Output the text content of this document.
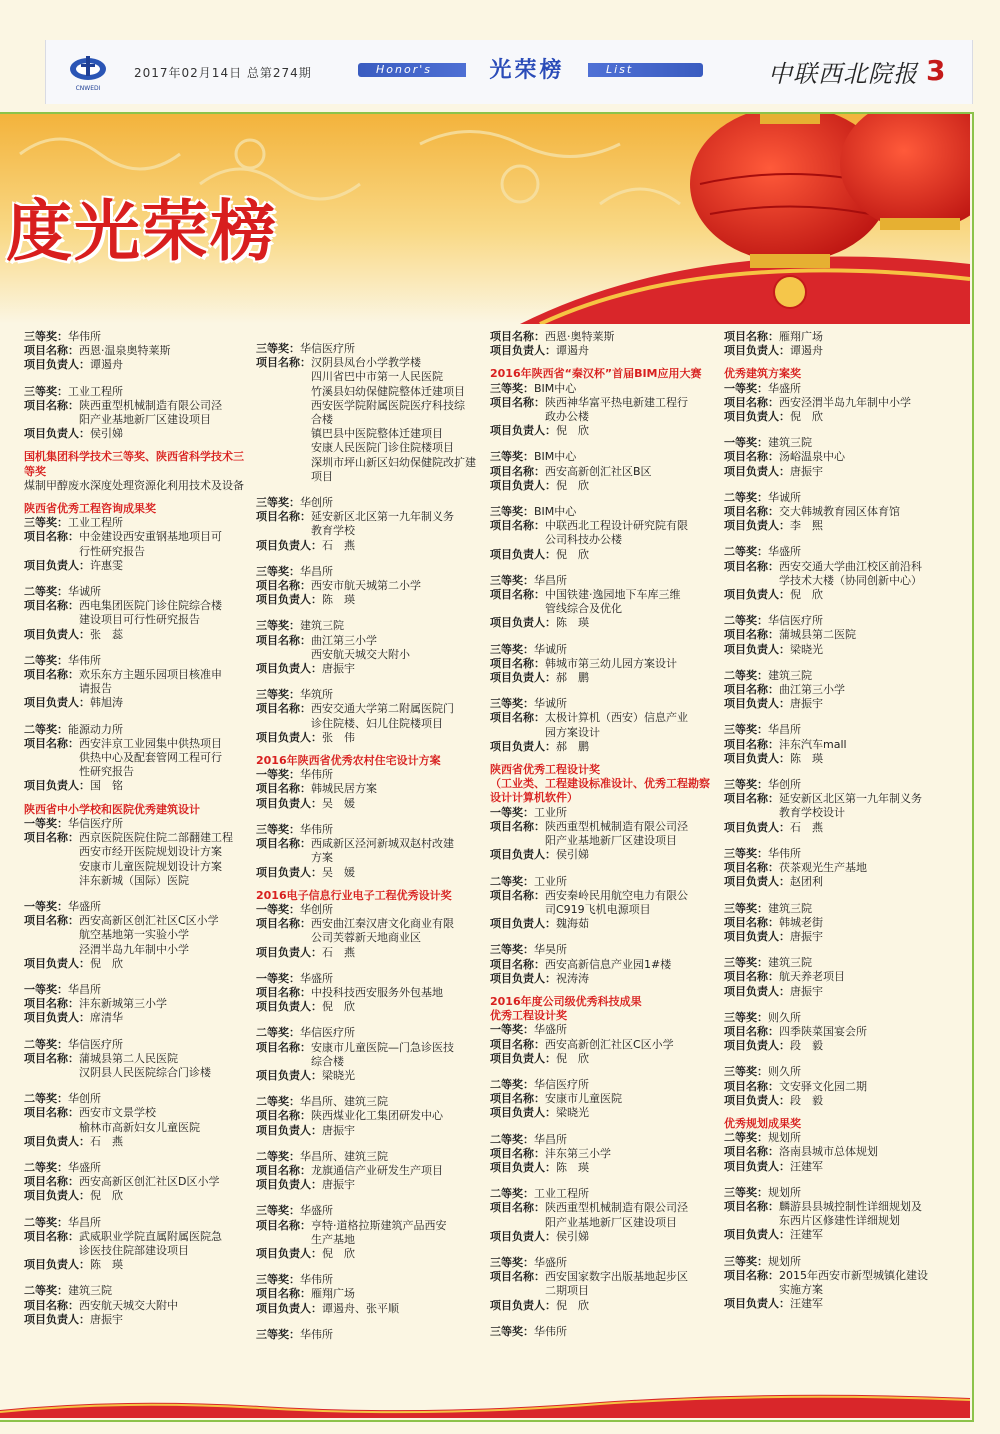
CNWEDI
2017年02月14日 总第274期	Honor's	List
光荣榜	中联西北院报 3
度光荣榜
三等奖： 华伟所
项目名称： 西恩·温泉奥特莱斯
项目负责人： 谭遏舟
三等奖： 工业工程所
项目名称： 陕西重型机械制造有限公司泾
阳产业基地新厂区建设项目
项目负责人： 侯引娣
国机集团科学技术三等奖、陕西省科学技术三等奖
煤制甲醇废水深度处理资源化利用技术及设备
陕西省优秀工程咨询成果奖
三等奖： 工业工程所
项目名称： 中金建设西安重钢基地项目可
行性研究报告
项目负责人： 许惠雯
二等奖： 华诚所
项目名称： 西电集团医院门诊住院综合楼
建设项目可行性研究报告
项目负责人： 张　蕊
二等奖： 华伟所
项目名称： 欢乐东方主题乐园项目核准申
请报告
项目负责人： 韩旭涛
二等奖： 能源动力所
项目名称： 西安沣京工业园集中供热项目
供热中心及配套管网工程可行
性研究报告
项目负责人： 国　铭
陕西省中小学校和医院优秀建筑设计
一等奖： 华信医疗所
项目名称： 西京医院医院住院二部翻建工程
西安市经开医院规划设计方案
安康市儿童医院规划设计方案
沣东新城（国际）医院
一等奖： 华盛所
项目名称： 西安高新区创汇社区C区小学
航空基地第一实验小学
泾渭半岛九年制中小学
项目负责人： 倪　欣
一等奖： 华昌所
项目名称： 沣东新城第三小学
项目负责人： 席清华
二等奖： 华信医疗所
项目名称： 蒲城县第二人民医院
汉阴县人民医院综合门诊楼
二等奖： 华创所
项目名称： 西安市文景学校
榆林市高新妇女儿童医院
项目负责人： 石　燕
二等奖： 华盛所
项目名称： 西安高新区创汇社区D区小学
项目负责人： 倪　欣
二等奖： 华昌所
项目名称： 武威职业学院直属附属医院急
诊医技住院部建设项目
项目负责人： 陈　瑛
二等奖： 建筑三院
项目名称： 西安航天城交大附中
项目负责人： 唐振宇
三等奖： 华信医疗所
项目名称： 汉阴县凤台小学教学楼
四川省巴中市第一人民医院
竹溪县妇幼保健院整体迁建项目
西安医学院附属医院医疗科技综
合楼
镇巴县中医院整体迁建项目
安康人民医院门诊住院楼项目
深圳市坪山新区妇幼保健院改扩建
项目
三等奖： 华创所
项目名称： 延安新区北区第一九年制义务
教育学校
项目负责人： 石　燕
三等奖： 华昌所
项目名称： 西安市航天城第二小学
项目负责人： 陈　瑛
三等奖： 建筑三院
项目名称： 曲江第三小学
西安航天城交大附小
项目负责人： 唐振宇
三等奖： 华筑所
项目名称： 西安交通大学第二附属医院门
诊住院楼、妇儿住院楼项目
项目负责人： 张　伟
2016年陕西省优秀农村住宅设计方案
一等奖： 华伟所
项目名称： 韩城民居方案
项目负责人： 吴　媛
三等奖： 华伟所
项目名称： 西咸新区泾河新城双赵村改建
方案
项目负责人： 吴　媛
2016电子信息行业电子工程优秀设计奖
一等奖： 华创所
项目名称： 西安曲江秦汉唐文化商业有限
公司芙蓉新天地商业区
项目负责人： 石　燕
一等奖： 华盛所
项目名称： 中投科技西安服务外包基地
项目负责人： 倪　欣
二等奖： 华信医疗所
项目名称： 安康市儿童医院—门急诊医技
综合楼
项目负责人： 梁晓光
二等奖： 华昌所、建筑三院
项目名称： 陕西煤业化工集团研发中心
项目负责人： 唐振宇
二等奖： 华昌所、建筑三院
项目名称： 龙旗通信产业研发生产项目
项目负责人： 唐振宇
三等奖： 华盛所
项目名称： 亨特·道格拉斯建筑产品西安
生产基地
项目负责人： 倪　欣
三等奖： 华伟所
项目名称： 雁翔广场
项目负责人： 谭遏舟、张平顺
三等奖： 华伟所
项目名称： 西恩·奥特莱斯
项目负责人： 谭遏舟
2016年陕西省“秦汉杯”首届BIM应用大赛
三等奖： BIM中心
项目名称： 陕西神华富平热电新建工程行
政办公楼
项目负责人： 倪　欣
三等奖： BIM中心
项目名称： 西安高新创汇社区B区
项目负责人： 倪　欣
三等奖： BIM中心
项目名称： 中联西北工程设计研究院有限
公司科技办公楼
项目负责人： 倪　欣
三等奖： 华昌所
项目名称： 中国铁建·逸园地下车库三维
管线综合及优化
项目负责人： 陈　瑛
三等奖： 华诚所
项目名称： 韩城市第三幼儿园方案设计
项目负责人： 郝　鹏
三等奖： 华诚所
项目名称： 太极计算机（西安）信息产业
园方案设计
项目负责人： 郝　鹏
陕西省优秀工程设计奖
（工业类、工程建设标准设计、优秀工程勘察设计计算机软件）
一等奖： 工业所
项目名称： 陕西重型机械制造有限公司泾
阳产业基地新厂区建设项目
项目负责人： 侯引娣
二等奖： 工业所
项目名称： 西安秦岭民用航空电力有限公
司C919飞机电源项目
项目负责人： 魏海茹
三等奖： 华昊所
项目名称： 西安高新信息产业园1#楼
项目负责人： 祝涛涛
2016年度公司级优秀科技成果
优秀工程设计奖
一等奖： 华盛所
项目名称： 西安高新创汇社区C区小学
项目负责人： 倪　欣
二等奖： 华信医疗所
项目名称： 安康市儿童医院
项目负责人： 梁晓光
二等奖： 华昌所
项目名称： 沣东第三小学
项目负责人： 陈　瑛
二等奖： 工业工程所
项目名称： 陕西重型机械制造有限公司泾
阳产业基地新厂区建设项目
项目负责人： 侯引娣
三等奖： 华盛所
项目名称： 西安国家数字出版基地起步区
二期项目
项目负责人： 倪　欣
三等奖： 华伟所
项目名称： 雁翔广场
项目负责人： 谭遏舟
优秀建筑方案奖
一等奖： 华盛所
项目名称： 西安泾渭半岛九年制中小学
项目负责人： 倪　欣
一等奖： 建筑三院
项目名称： 汤峪温泉中心
项目负责人： 唐振宇
二等奖： 华诚所
项目名称： 交大韩城教育园区体育馆
项目负责人： 李　煕
二等奖： 华盛所
项目名称： 西安交通大学曲江校区前沿科
学技术大楼（协同创新中心）
项目负责人： 倪　欣
二等奖： 华信医疗所
项目名称： 蒲城县第二医院
项目负责人： 梁晓光
二等奖： 建筑三院
项目名称： 曲江第三小学
项目负责人： 唐振宇
三等奖： 华昌所
项目名称： 沣东汽车mall
项目负责人： 陈　瑛
三等奖： 华创所
项目名称： 延安新区北区第一九年制义务
教育学校设计
项目负责人： 石　燕
三等奖： 华伟所
项目名称： 茯茶观光生产基地
项目负责人： 赵团利
三等奖： 建筑三院
项目名称： 韩城老街
项目负责人： 唐振宇
三等奖： 建筑三院
项目名称： 航天养老项目
项目负责人： 唐振宇
三等奖： 则久所
项目名称： 四季陕菜国宴会所
项目负责人： 段　毅
三等奖： 则久所
项目名称： 文安驿文化园二期
项目负责人： 段　毅
优秀规划成果奖
二等奖： 规划所
项目名称： 洛南县城市总体规划
项目负责人： 汪建军
三等奖： 规划所
项目名称： 麟游县县城控制性详细规划及
东西片区修建性详细规划
项目负责人： 汪建军
三等奖： 规划所
项目名称： 2015年西安市新型城镇化建设
实施方案
项目负责人： 汪建军
